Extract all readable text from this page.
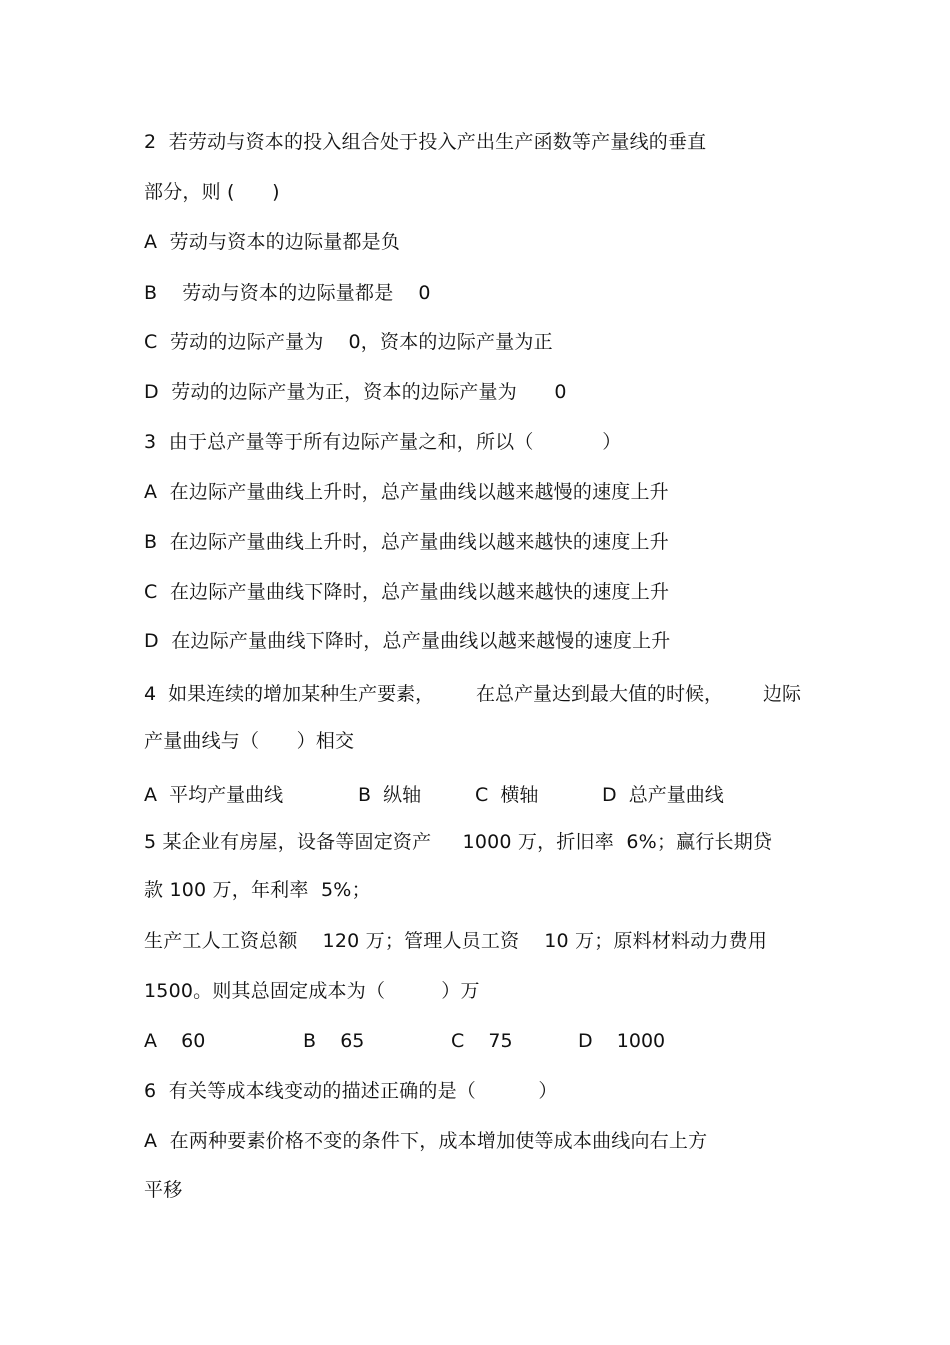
2  若劳动与资本的投入组合处于投入产出生产函数等产量线的垂直
部分，则 (      )
A  劳动与资本的边际量都是负
B    劳动与资本的边际量都是    0
C  劳动的边际产量为    0，资本的边际产量为正
D  劳动的边际产量为正，资本的边际产量为      0
3  由于总产量等于所有边际产量之和，所以（           ）
A  在边际产量曲线上升时，总产量曲线以越来越慢的速度上升
B  在边际产量曲线上升时，总产量曲线以越来越快的速度上升
C  在边际产量曲线下降时，总产量曲线以越来越快的速度上升
D  在边际产量曲线下降时，总产量曲线以越来越慢的速度上升
4  如果连续的增加某种生产要素， 在总产量达到最大值的时候， 边际
产量曲线与（      ）相交
A  平均产量曲线	B  纵轴	C  横轴	D  总产量曲线
5 某企业有房屋，设备等固定资产     1000 万，折旧率  6%；赢行长期贷
款 100 万，年利率  5%；
生产工人工资总额    120 万；管理人员工资    10 万；原料材料动力费用
1500。则其总固定成本为（         ）万
A    60	B    65	C    75	D    1000
6  有关等成本线变动的描述正确的是（          ）
A  在两种要素价格不变的条件下，成本增加使等成本曲线向右上方
平移
